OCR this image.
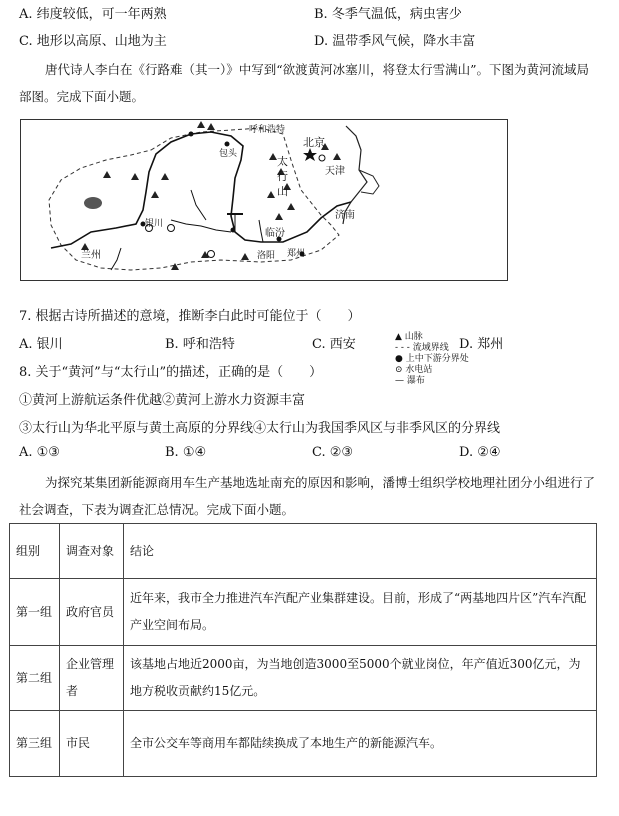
A. 纬度较低，可一年两熟	B. 冬季气温低，病虫害少
C. 地形以高原、山地为主	D. 温带季风气候，降水丰富
唐代诗人李白在《行路难（其一）》中写到“欲渡黄河冰塞川，将登太行雪满山”。下图为黄河流域局部图。完成下面小题。
呼和浩特
包头
北京
天津
太行山
济南
临汾
洛阳 郑州
兰州
银川
▲ 山脉
- - - 流域界线
● 上中下游分界处
⊙ 水电站
— 瀑布
7. 根据古诗所描述的意境，推断李白此时可能位于（　　）
A. 银川	B. 呼和浩特	C. 西安	D. 郑州
8. 关于“黄河”与“太行山”的描述，正确的是（　　）
①黄河上游航运条件优越②黄河上游水力资源丰富
③太行山为华北平原与黄土高原的分界线④太行山为我国季风区与非季风区的分界线
A. ①③	B. ①④	C. ②③	D. ②④
为探究某集团新能源商用车生产基地选址南充的原因和影响，潘博士组织学校地理社团分小组进行了社会调查，下表为调查汇总情况。完成下面小题。
组别	调查对象	结论
第一组	政府官员	近年来，我市全力推进汽车汽配产业集群建设。目前，形成了“两基地四片区”汽车汽配产业空间布局。
第二组	企业管理者	该基地占地近2000亩，为当地创造3000至5000个就业岗位，年产值近300亿元，为地方税收贡献约15亿元。
第三组	市民	全市公交车等商用车都陆续换成了本地生产的新能源汽车。
